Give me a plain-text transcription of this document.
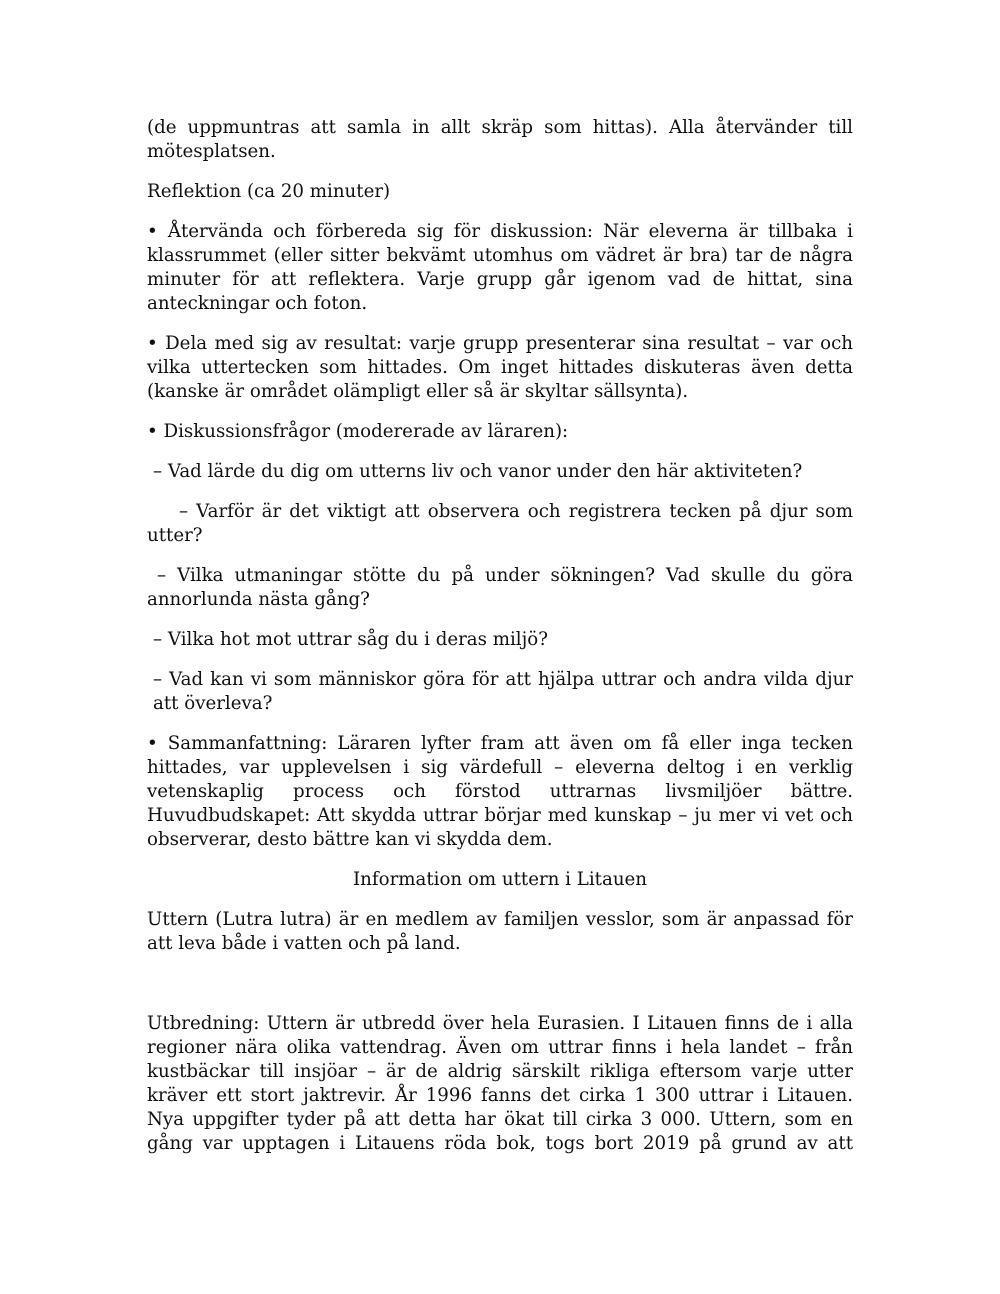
(de uppmuntras att samla in allt skräp som hittas). Alla återvänder till mötesplatsen.

Reflektion (ca 20 minuter)

• Återvända och förbereda sig för diskussion: När eleverna är tillbaka i klassrummet (eller sitter bekvämt utomhus om vädret är bra) tar de några minuter för att reflektera. Varje grupp går igenom vad de hittat, sina anteckningar och foton.

• Dela med sig av resultat: varje grupp presenterar sina resultat – var och vilka uttertecken som hittades. Om inget hittades diskuteras även detta (kanske är området olämpligt eller så är skyltar sällsynta).

• Diskussionsfrågor (modererade av läraren):

– Vad lärde du dig om utterns liv och vanor under den här aktiviteten?

– Varför är det viktigt att observera och registrera tecken på djur som utter?

– Vilka utmaningar stötte du på under sökningen? Vad skulle du göra annorlunda nästa gång?

– Vilka hot mot uttrar såg du i deras miljö?

– Vad kan vi som människor göra för att hjälpa uttrar och andra vilda djur att överleva?

• Sammanfattning: Läraren lyfter fram att även om få eller inga tecken hittades, var upplevelsen i sig värdefull – eleverna deltog i en verklig vetenskaplig process och förstod uttrarnas livsmiljöer bättre. Huvudbudskapet: Att skydda uttrar börjar med kunskap – ju mer vi vet och observerar, desto bättre kan vi skydda dem.

Information om uttern i Litauen

Uttern (Lutra lutra) är en medlem av familjen vesslor, som är anpassad för att leva både i vatten och på land.

Utbredning: Uttern är utbredd över hela Eurasien. I Litauen finns de i alla regioner nära olika vattendrag. Även om uttrar finns i hela landet – från kustbäckar till insjöar – är de aldrig särskilt rikliga eftersom varje utter kräver ett stort jaktrevir. År 1996 fanns det cirka 1 300 uttrar i Litauen. Nya uppgifter tyder på att detta har ökat till cirka 3 000. Uttern, som en gång var upptagen i Litauens röda bok, togs bort 2019 på grund av att
